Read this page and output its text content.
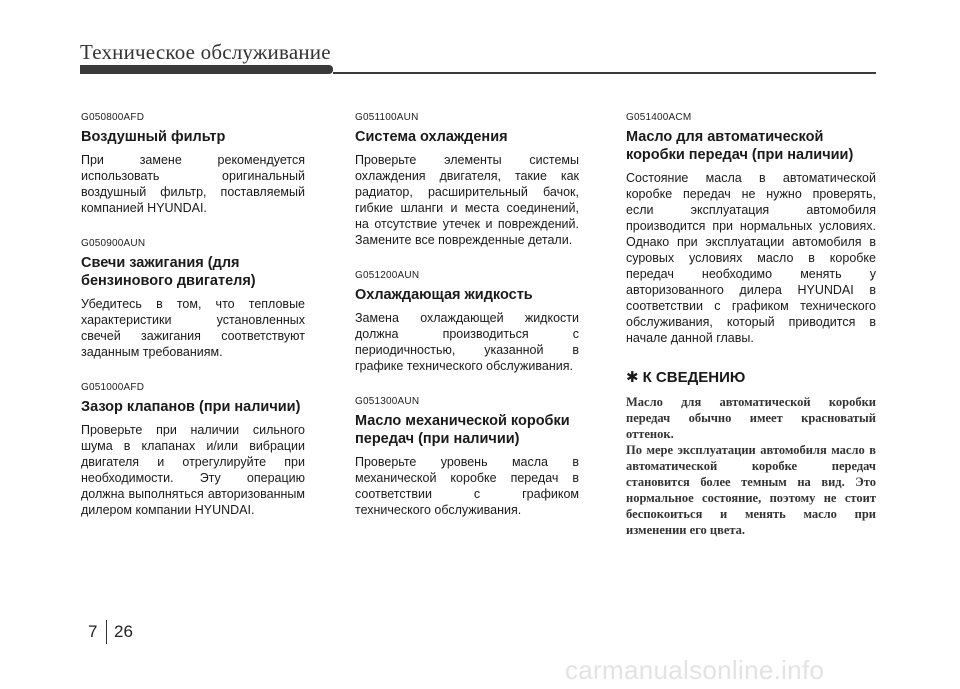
Техническое обслуживание
G050800AFD
Воздушный фильтр
При замене рекомендуется использовать оригинальный воздушный фильтр, поставляемый компанией HYUNDAI.
G050900AUN
Свечи зажигания (для бензинового двигателя)
Убедитесь в том, что тепловые характеристики установленных свечей зажигания соответствуют заданным требованиям.
G051000AFD
Зазор клапанов (при наличии)
Проверьте при наличии сильного шума в клапанах и/или вибрации двигателя и отрегулируйте при необходимости. Эту операцию должна выполняться авторизованным дилером компании HYUNDAI.
G051100AUN
Система охлаждения
Проверьте элементы системы охлаждения двигателя, такие как радиатор, расширительный бачок, гибкие шланги и места соединений, на отсутствие утечек и повреждений. Замените все поврежденные детали.
G051200AUN
Охлаждающая жидкость
Замена охлаждающей жидкости должна производиться с периодичностью, указанной в графике технического обслуживания.
G051300AUN
Масло механической коробки передач (при наличии)
Проверьте уровень масла в механической коробке передач в соответствии с графиком технического обслуживания.
G051400ACM
Масло для автоматической коробки передач (при наличии)
Состояние масла в автоматической коробке передач не нужно проверять, если эксплуатация автомобиля производится при нормальных условиях. Однако при эксплуатации автомобиля в суровых условиях масло в коробке передач необходимо менять у авторизованного дилера HYUNDAI в соответствии с графиком технического обслуживания, который приводится в начале данной главы.
✱ К СВЕДЕНИЮ
Масло для автоматической коробки передач обычно имеет красноватый оттенок.
По мере эксплуатации автомобиля масло в автоматической коробке передач становится более темным на вид. Это нормальное состояние, поэтому не стоит беспокоиться и менять масло при изменении его цвета.
7 26
carmanualsonline.info
